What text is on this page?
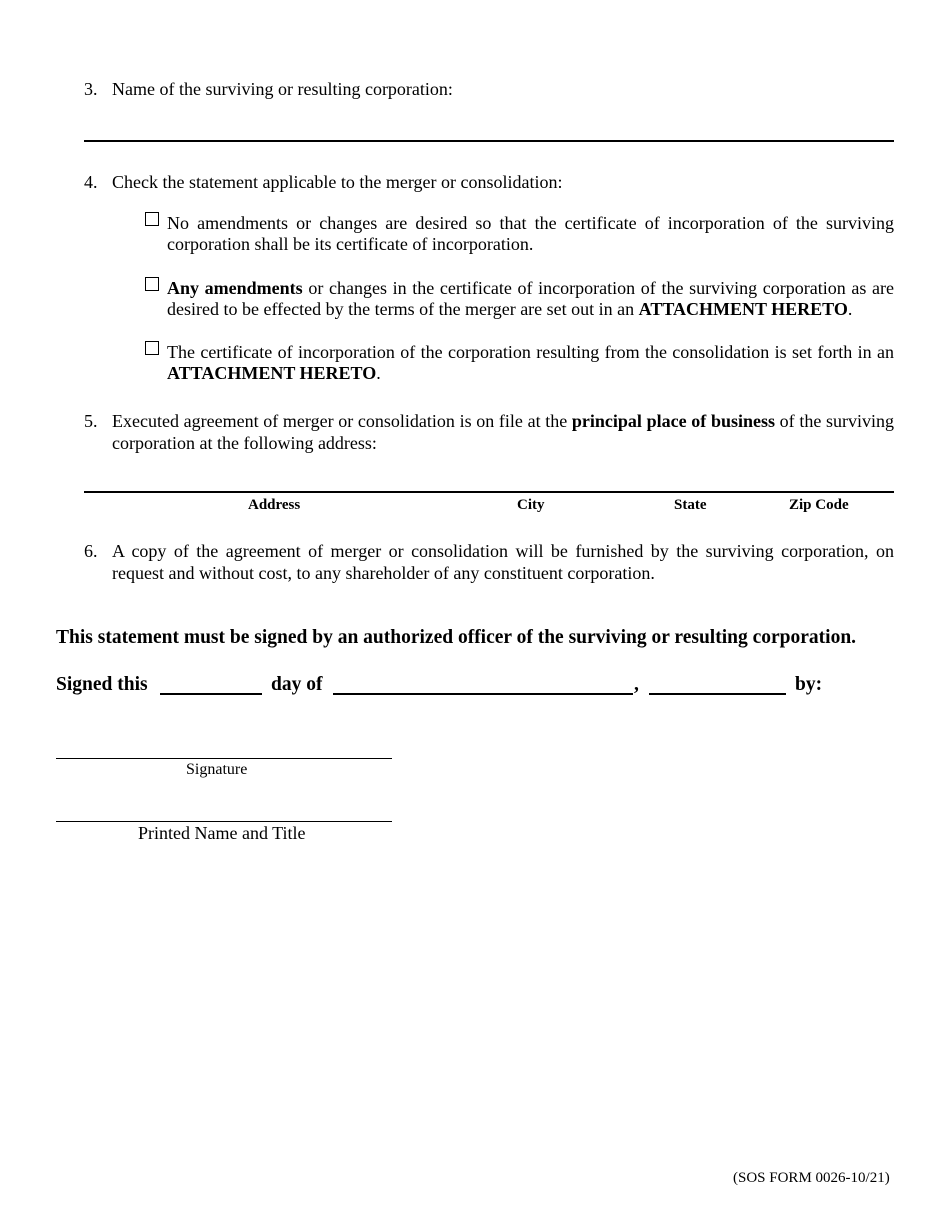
3. Name of the surviving or resulting corporation:
4. Check the statement applicable to the merger or consolidation:
No amendments or changes are desired so that the certificate of incorporation of the surviving corporation shall be its certificate of incorporation.
Any amendments or changes in the certificate of incorporation of the surviving corporation as are desired to be effected by the terms of the merger are set out in an ATTACHMENT HERETO.
The certificate of incorporation of the corporation resulting from the consolidation is set forth in an ATTACHMENT HERETO.
5. Executed agreement of merger or consolidation is on file at the principal place of business of the surviving corporation at the following address:
Address	City	State	Zip Code
6. A copy of the agreement of merger or consolidation will be furnished by the surviving corporation, on request and without cost, to any shareholder of any constituent corporation.
This statement must be signed by an authorized officer of the surviving or resulting corporation.
Signed this	day of	,	by:
Signature
Printed Name and Title
(SOS FORM 0026-10/21)
